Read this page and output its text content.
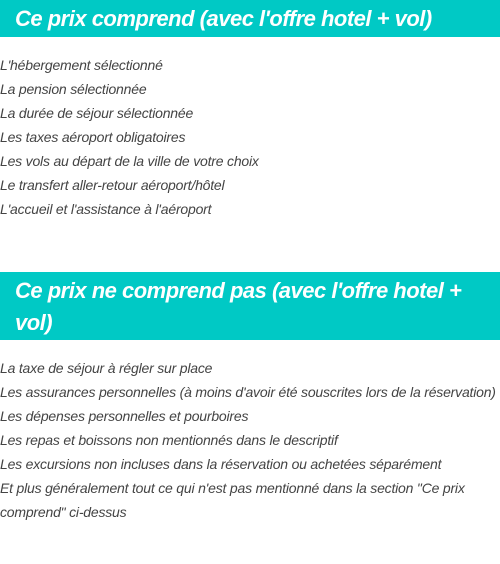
Ce prix comprend (avec l'offre hotel + vol)
L'hébergement sélectionné
La pension sélectionnée
La durée de séjour sélectionnée
Les taxes aéroport obligatoires
Les vols au départ de la ville de votre choix
Le transfert aller-retour aéroport/hôtel
L'accueil et l'assistance à l'aéroport
Ce prix ne comprend pas (avec l'offre hotel + vol)
La taxe de séjour à régler sur place
Les assurances personnelles (à moins d'avoir été souscrites lors de la réservation)
Les dépenses personnelles et pourboires
Les repas et boissons non mentionnés dans le descriptif
Les excursions non incluses dans la réservation ou achetées séparément
Et plus généralement tout ce qui n'est pas mentionné dans la section "Ce prix comprend" ci-dessus
